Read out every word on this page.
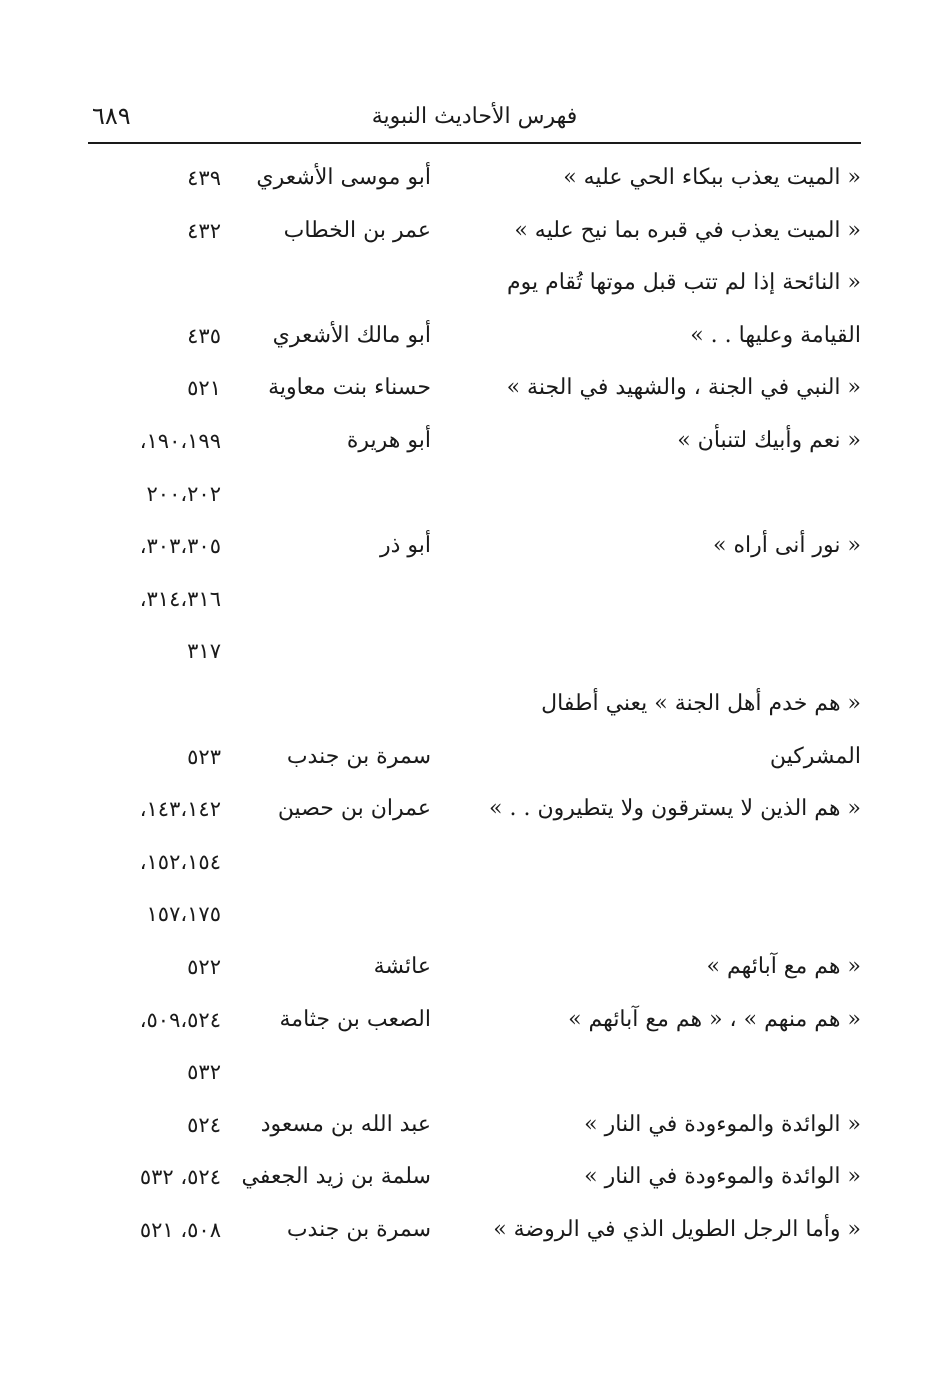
٦٨٩	فهرس الأحاديث النبوية
« الميت يعذب ببكاء الحي عليه »
أبو موسى الأشعري
٤٣٩
« الميت يعذب في قبره بما نيح عليه »
عمر بن الخطاب
٤٣٢
« النائحة إذا لم تتب قبل موتها تُقام يوم
القيامة وعليها . . »
أبو مالك الأشعري
٤٣٥
« النبي في الجنة ، والشهيد في الجنة »
حسناء بنت معاوية
٥٢١
« نعم وأبيك لتنبأن »
أبو هريرة
١٩٠،١٩٩،
٢٠٠،٢٠٢
« نور أنى أراه »
أبو ذر
٣٠٣،٣٠٥،
٣١٤،٣١٦،
٣١٧
« هم خدم أهل الجنة » يعني أطفال
المشركين
سمرة بن جندب
٥٢٣
« هم الذين لا يسترقون ولا يتطيرون . . »
عمران بن حصين
١٤٣،١٤٢،
١٥٢،١٥٤،
١٥٧،١٧٥
« هم مع آبائهم »
عائشة
٥٢٢
« هم منهم » ، « هم مع آبائهم »
الصعب بن جثامة
٥٠٩،٥٢٤،
٥٣٢
« الوائدة والموءودة في النار »
عبد الله بن مسعود
٥٢٤
« الوائدة والموءودة في النار »
سلمة بن زيد الجعفي
٥٢٤، ٥٣٢
« وأما الرجل الطويل الذي في الروضة »
سمرة بن جندب
٥٠٨، ٥٢١
